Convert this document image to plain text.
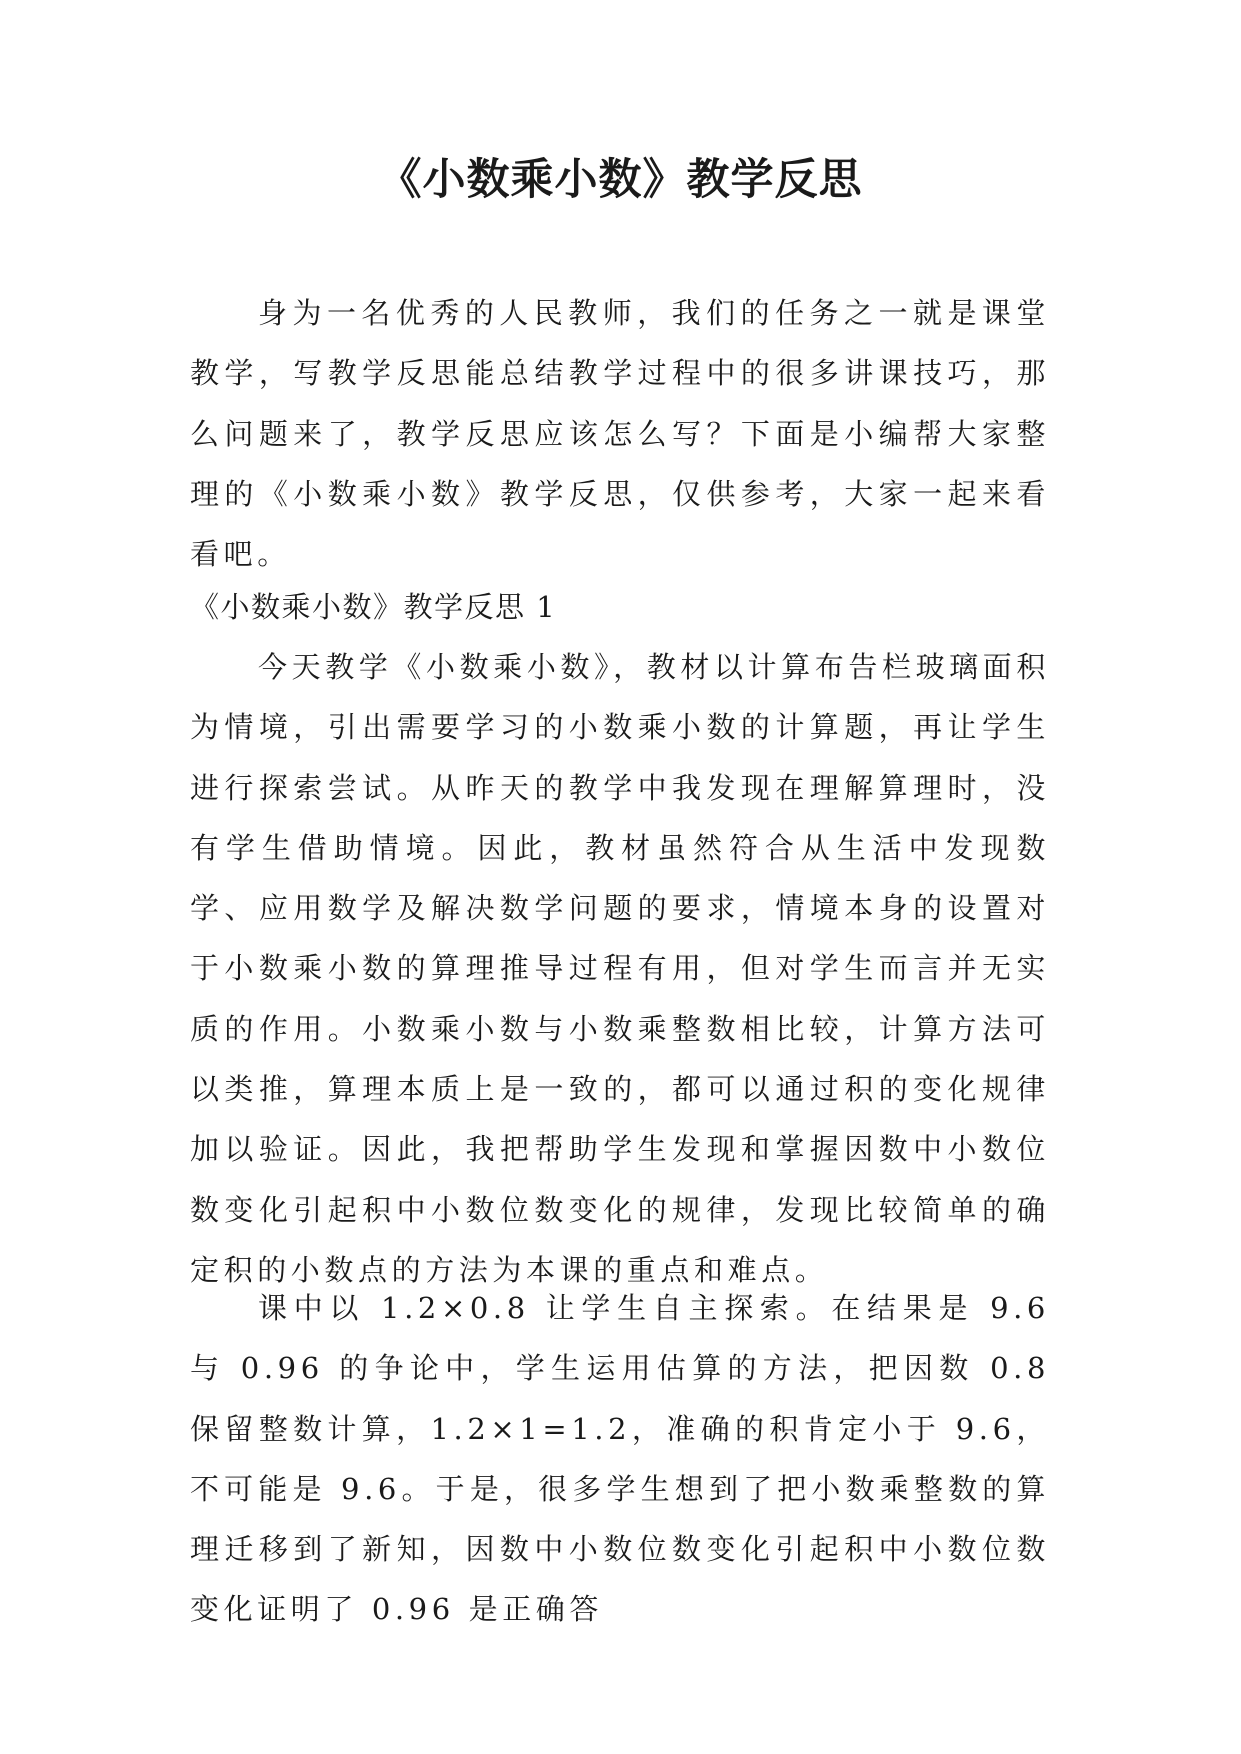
《小数乘小数》教学反思

身为一名优秀的人民教师，我们的任务之一就是课堂教学，写教学反思能总结教学过程中的很多讲课技巧，那么问题来了，教学反思应该怎么写？下面是小编帮大家整理的《小数乘小数》教学反思，仅供参考，大家一起来看看吧。

《小数乘小数》教学反思 1

今天教学《小数乘小数》，教材以计算布告栏玻璃面积为情境，引出需要学习的小数乘小数的计算题，再让学生进行探索尝试。从昨天的教学中我发现在理解算理时，没有学生借助情境。因此，教材虽然符合从生活中发现数学、应用数学及解决数学问题的要求，情境本身的设置对于小数乘小数的算理推导过程有用，但对学生而言并无实质的作用。小数乘小数与小数乘整数相比较，计算方法可以类推，算理本质上是一致的，都可以通过积的变化规律加以验证。因此，我把帮助学生发现和掌握因数中小数位数变化引起积中小数位数变化的规律，发现比较简单的确定积的小数点的方法为本课的重点和难点。

课中以 1.2×0.8 让学生自主探索。在结果是 9.6 与 0.96 的争论中，学生运用估算的方法，把因数 0.8 保留整数计算，1.2×1=1.2，准确的积肯定小于 9.6，不可能是 9.6。于是，很多学生想到了把小数乘整数的算理迁移到了新知，因数中小数位数变化引起积中小数位数变化证明了 0.96 是正确答
